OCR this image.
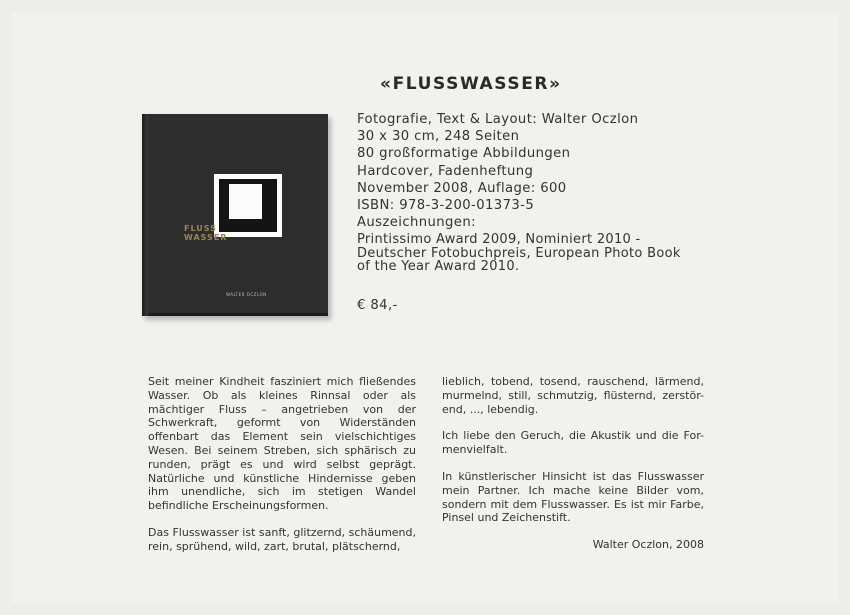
«FLUSSWASSER»
FLUSS
WASSER
WALTER OCZLON
Fotografie, Text & Layout: Walter Oczlon
30 x 30 cm, 248 Seiten
80 großformatige Abbildungen
Hardcover, Fadenheftung
November 2008, Auflage: 600
ISBN: 978-3-200-01373-5
Auszeichnungen:
Printissimo Award 2009, Nominiert 2010 -
Deutscher Fotobuchpreis, European Photo Book
of the Year Award 2010.
€ 84,-

Seit meiner Kindheit fasziniert mich fließendes Wasser. Ob als kleines Rinnsal oder als mächtiger Fluss – angetrieben von der Schwerkraft, geformt von Widerständen offenbart das Element sein vielschichtiges Wesen. Bei seinem Streben, sich sphärisch zu runden, prägt es und wird selbst geprägt. Natürliche und künstliche Hindernisse geben ihm unendliche, sich im stetigen Wandel befindliche Erscheinungsformen.

Das Flusswasser ist sanft, glitzernd, schäumend, rein, sprühend, wild, zart, brutal, plätschernd,

lieblich, tobend, tosend, rauschend, lärmend, murmelnd, still, schmutzig, flüsternd, zerstör-end, ..., lebendig.

Ich liebe den Geruch, die Akustik und die For-menvielfalt.

In künstlerischer Hinsicht ist das Flusswasser mein Partner. Ich mache keine Bilder vom, sondern mit dem Flusswasser. Es ist mir Farbe, Pinsel und Zeichenstift.

Walter Oczlon, 2008
